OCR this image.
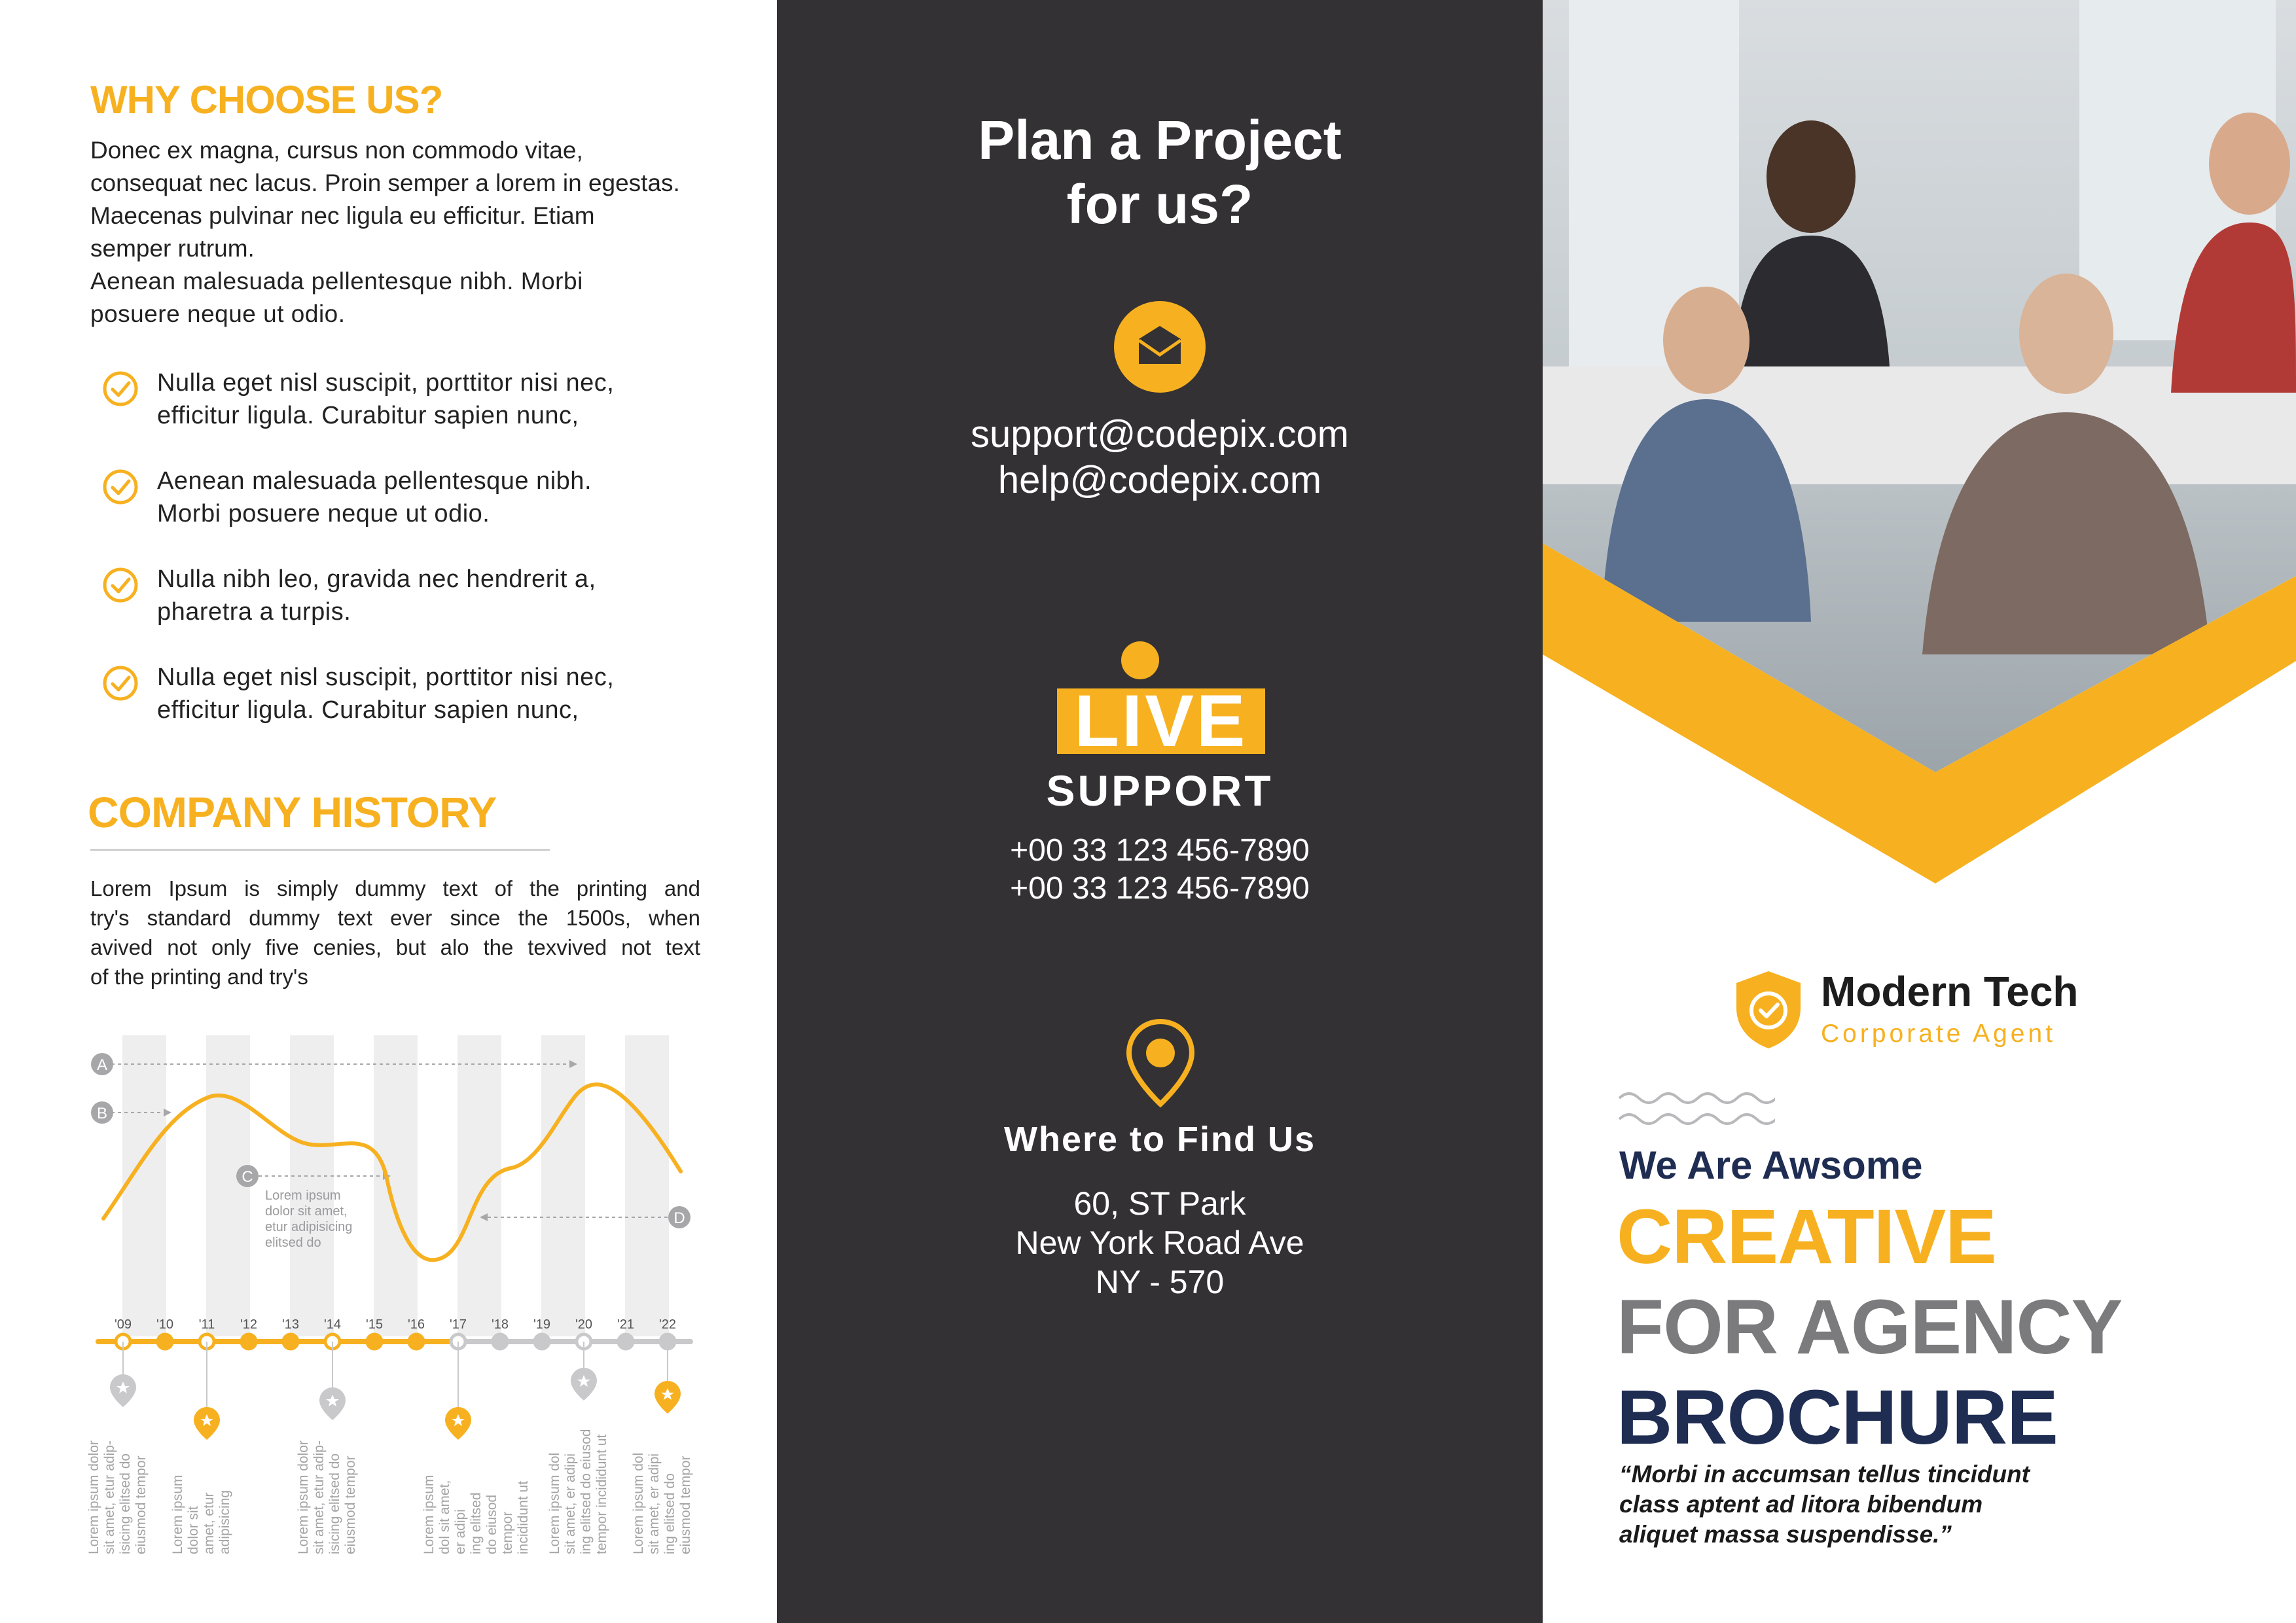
WHY CHOOSE US?
Donec ex magna, cursus non commodo vitae,
consequat nec lacus. Proin semper a lorem in egestas.
Maecenas pulvinar nec ligula eu efficitur. Etiam
semper rutrum.
Aenean malesuada pellentesque nibh. Morbi
posuere neque ut odio.
Nulla eget nisl suscipit, porttitor nisi nec,
efficitur ligula. Curabitur sapien nunc,
Aenean malesuada pellentesque nibh.
Morbi posuere neque ut odio.
Nulla nibh leo, gravida nec hendrerit a,
pharetra a turpis.
Nulla eget nisl suscipit, porttitor nisi nec,
efficitur ligula. Curabitur sapien nunc,
COMPANY HISTORY
Lorem Ipsum is simply dummy text of the printing and
try's standard dummy text ever since the 1500s, when
avived not only five cenies, but alo the texvived not text
of the printing and try's
A
B
C
D
Lorem ipsum
dolor sit amet,
etur adipisicing
elitsed do
'09 '10 '11 '12 '13 '14 '15 '16 '17 '18 '19 '20 '21 '22
Lorem ipsum dolor sit amet, etur adip- isicing elitsed do eiusmod tempor Lorem ipsum dolor sit amet, etur adipisicing	Lorem ipsum dolor sit amet, etur adip- isicing elitsed do eiusmod tempor	Lorem ipsum dol sit amet, er adipi ing elitsed do eiusod tempor incididunt ut Lorem ipsum dol sit amet, er adipi ing elitsed do eiusod tempor incididunt ut Lorem ipsum dol sit amet, er adipi ing elitsed do eiusmod tempor
Plan a Project
for us?
support@codepix.com
help@codepix.com
LIVE
SUPPORT
+00 33 123 456-7890
+00 33 123 456-7890
Where to Find Us
60, ST Park
New York Road Ave
NY - 570
Modern Tech
Corporate Agent
We Are Awsome
CREATIVE
FOR AGENCY
BROCHURE
“Morbi in accumsan tellus tincidunt
class aptent ad litora bibendum
aliquet massa suspendisse.”
